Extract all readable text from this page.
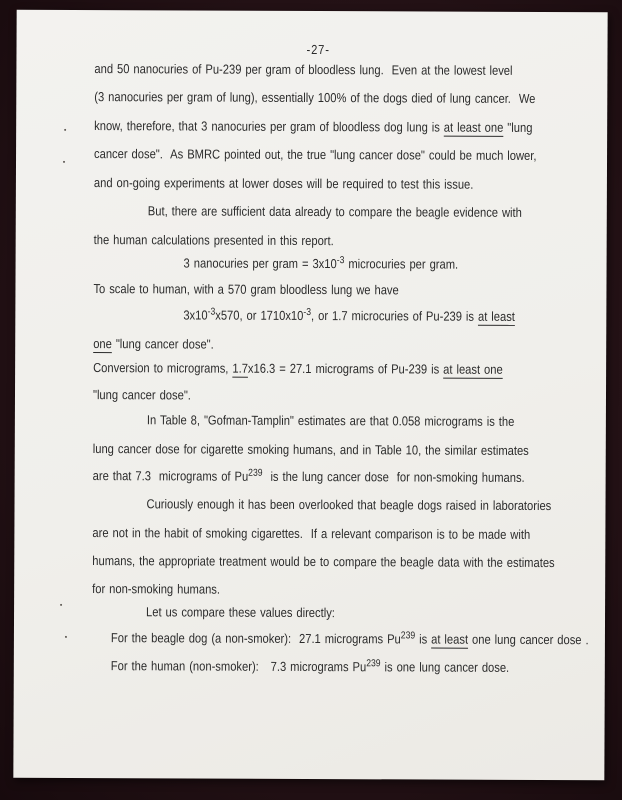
-27-
and 50 nanocuries of Pu-239 per gram of bloodless lung.  Even at the lowest level
(3 nanocuries per gram of lung), essentially 100% of the dogs died of lung cancer.  We
know, therefore, that 3 nanocuries per gram of bloodless dog lung is at least one "lung
cancer dose".  As BMRC pointed out, the true "lung cancer dose" could be much lower,
and on-going experiments at lower doses will be required to test this issue.
But, there are sufficient data already to compare the beagle evidence with
the human calculations presented in this report.
3 nanocuries per gram = $3x10^{-3}$ microcuries per gram.
To scale to human, with a 570 gram bloodless lung we have
$3x10^{-3}x570$, or $1710x10^{-3}$, or 1.7 microcuries of Pu-239 is at least
one "lung cancer dose".
Conversion to micrograms, 1.7x16.3 = 27.1 micrograms of Pu-239 is at least one
"lung cancer dose".
In Table 8, "Gofman-Tamplin" estimates are that 0.058 micrograms is the
lung cancer dose for cigarette smoking humans, and in Table 10, the similar estimates
are that 7.3  micrograms of Pu$^{239}$  is the lung cancer dose  for non-smoking humans.
Curiously enough it has been overlooked that beagle dogs raised in laboratories
are not in the habit of smoking cigarettes.  If a relevant comparison is to be made with
humans, the appropriate treatment would be to compare the beagle data with the estimates
for non-smoking humans.
Let us compare these values directly:
For the beagle dog (a non-smoker):  27.1 micrograms Pu$^{239}$ is at least one lung cancer dose .
For the human (non-smoker):   7.3 micrograms Pu$^{239}$ is one lung cancer dose.
